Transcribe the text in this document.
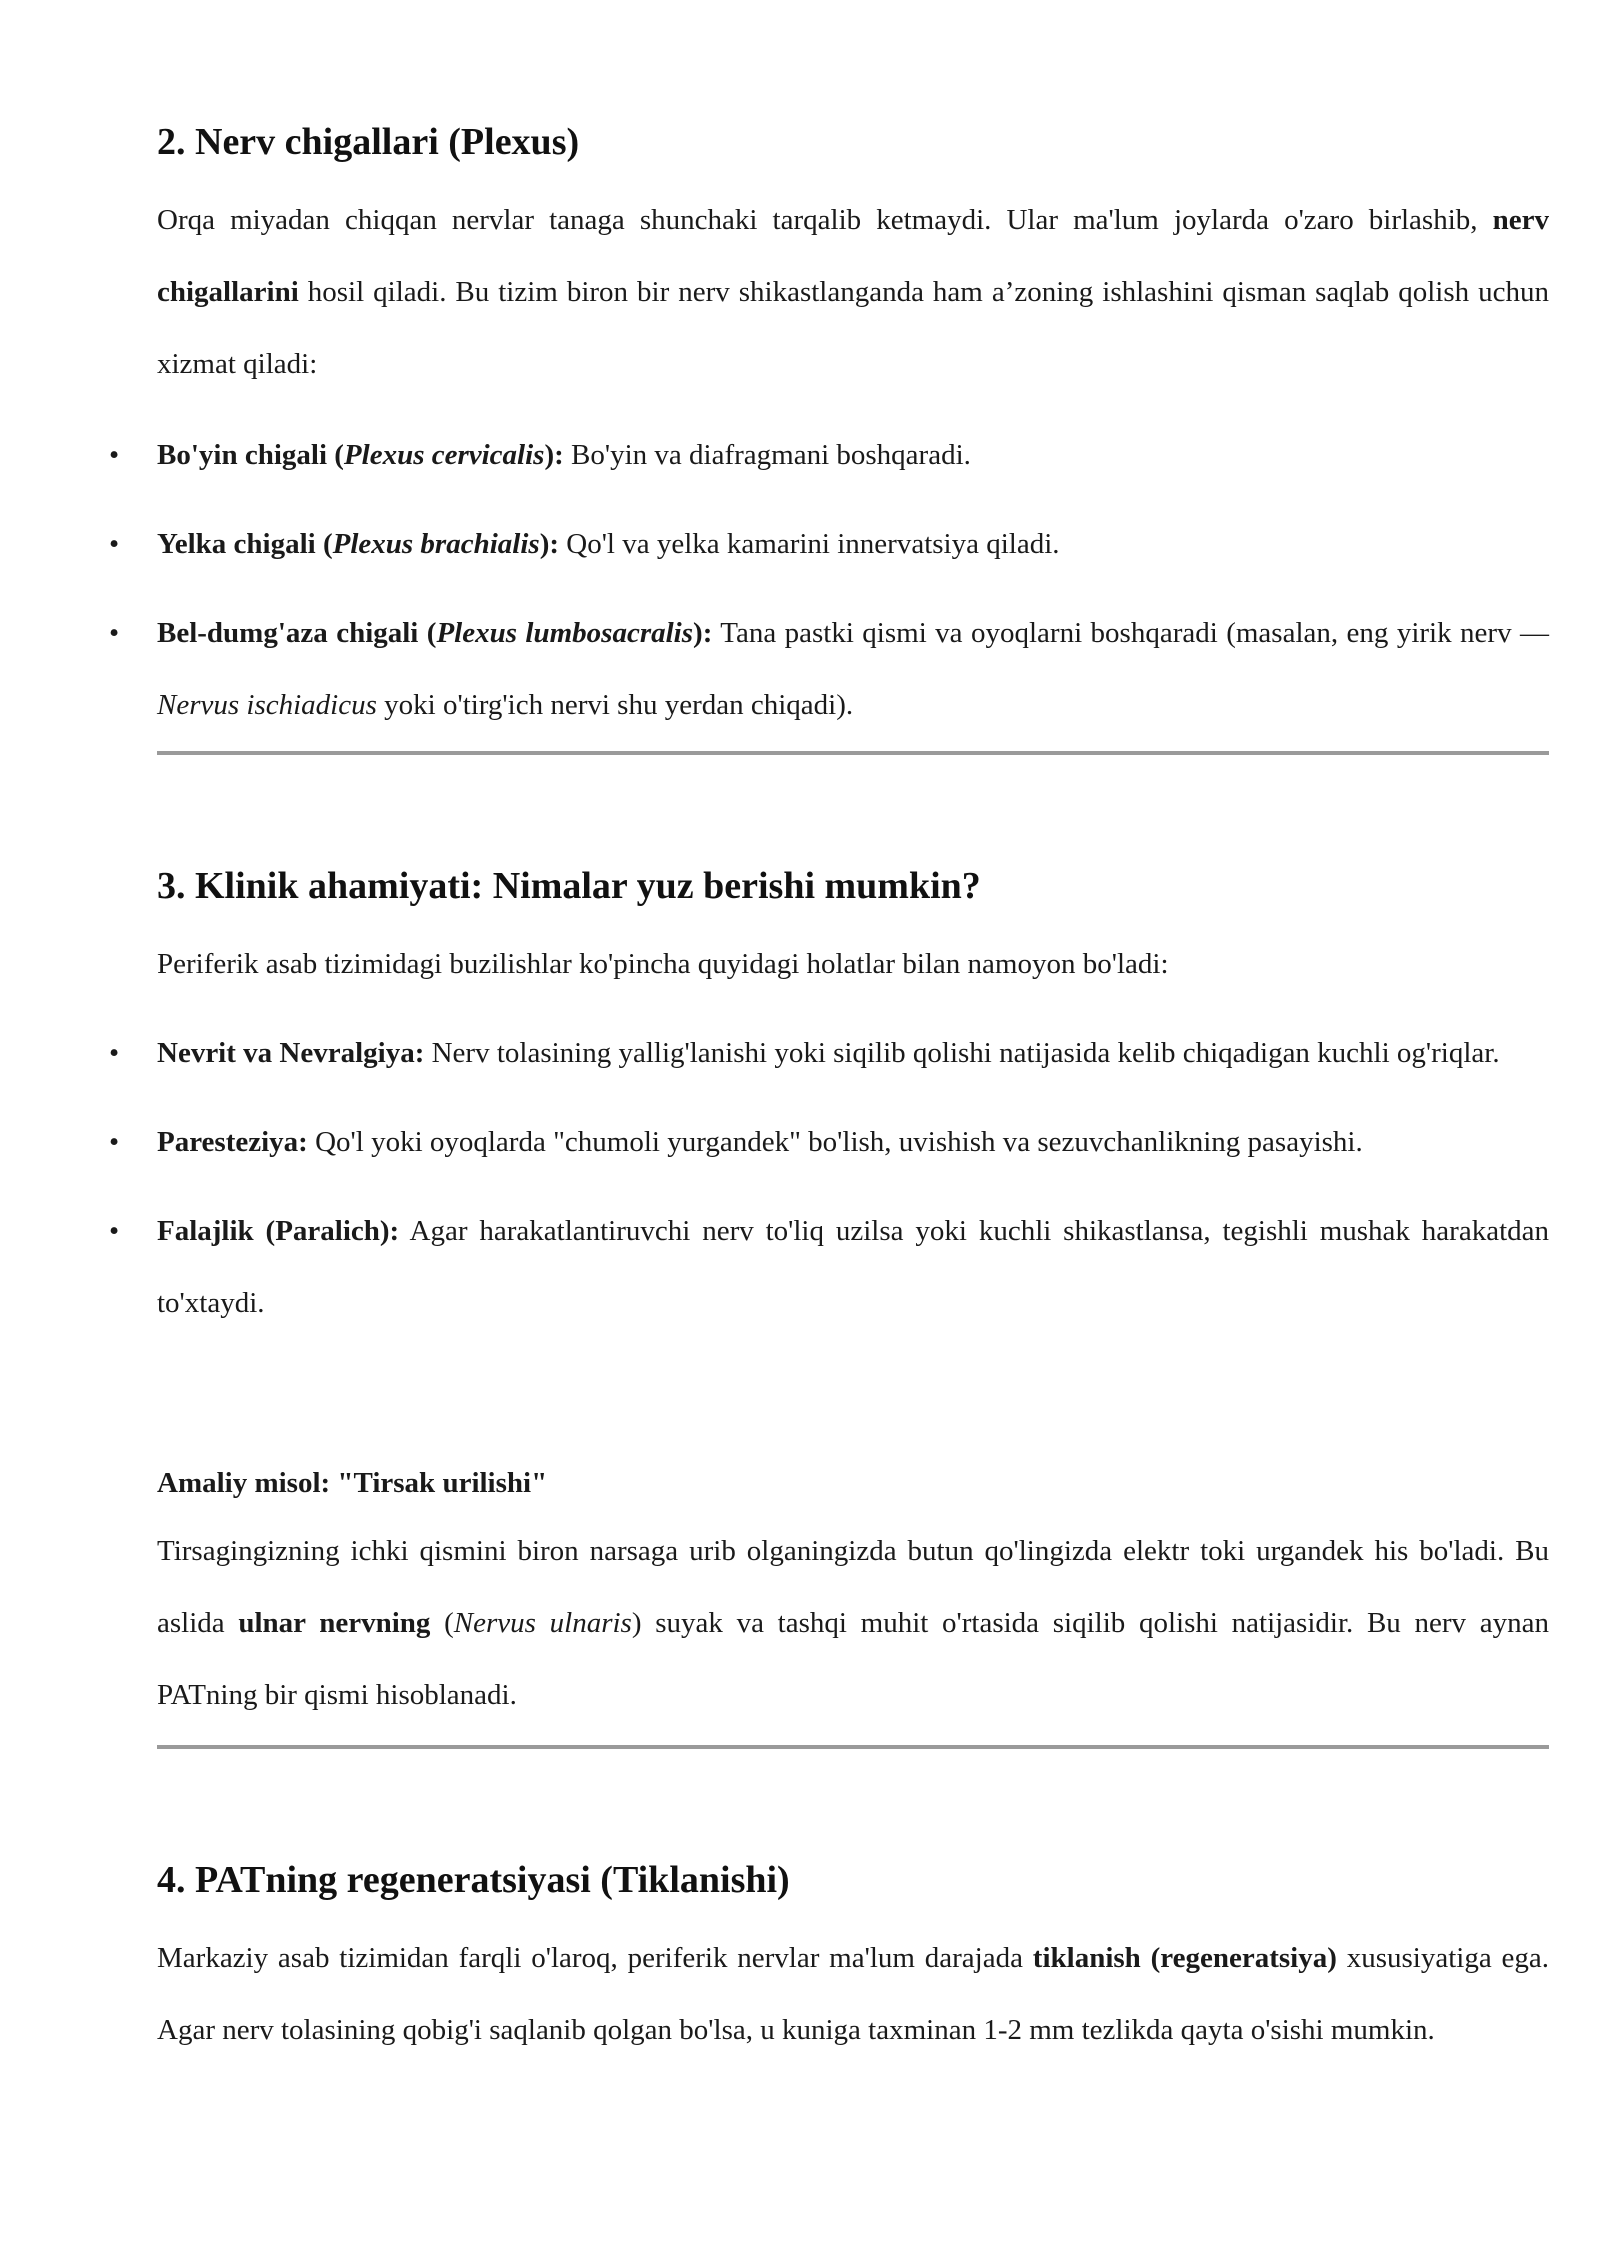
2. Nerv chigallari (Plexus)

Orqa miyadan chiqqan nervlar tanaga shunchaki tarqalib ketmaydi. Ular ma'lum joylarda o'zaro birlashib, nerv chigallarini hosil qiladi. Bu tizim biron bir nerv shikastlanganda ham a’zoning ishlashini qisman saqlab qolish uchun xizmat qiladi:

• Bo'yin chigali (Plexus cervicalis): Bo'yin va diafragmani boshqaradi.
• Yelka chigali (Plexus brachialis): Qo'l va yelka kamarini innervatsiya qiladi.
• Bel-dumg'aza chigali (Plexus lumbosacralis): Tana pastki qismi va oyoqlarni boshqaradi (masalan, eng yirik nerv — Nervus ischiadicus yoki o'tirg'ich nervi shu yerdan chiqadi).
3. Klinik ahamiyati: Nimalar yuz berishi mumkin?

Periferik asab tizimidagi buzilishlar ko'pincha quyidagi holatlar bilan namoyon bo'ladi:

• Nevrit va Nevralgiya: Nerv tolasining yallig'lanishi yoki siqilib qolishi natijasida kelib chiqadigan kuchli og'riqlar.
• Paresteziya: Qo'l yoki oyoqlarda "chumoli yurgandek" bo'lish, uvishish va sezuvchanlikning pasayishi.
• Falajlik (Paralich): Agar harakatlantiruvchi nerv to'liq uzilsa yoki kuchli shikastlansa, tegishli mushak harakatdan to'xtaydi.
Amaliy misol: "Tirsak urilishi"

Tirsagingizning ichki qismini biron narsaga urib olganingizda butun qo'lingizda elektr toki urgandek his bo'ladi. Bu aslida ulnar nervning (Nervus ulnaris) suyak va tashqi muhit o'rtasida siqilib qolishi natijasidir. Bu nerv aynan PATning bir qismi hisoblanadi.

4. PATning regeneratsiyasi (Tiklanishi)

Markaziy asab tizimidan farqli o'laroq, periferik nervlar ma'lum darajada tiklanish (regeneratsiya) xususiyatiga ega. Agar nerv tolasining qobig'i saqlanib qolgan bo'lsa, u kuniga taxminan 1-2 mm tezlikda qayta o'sishi mumkin.
